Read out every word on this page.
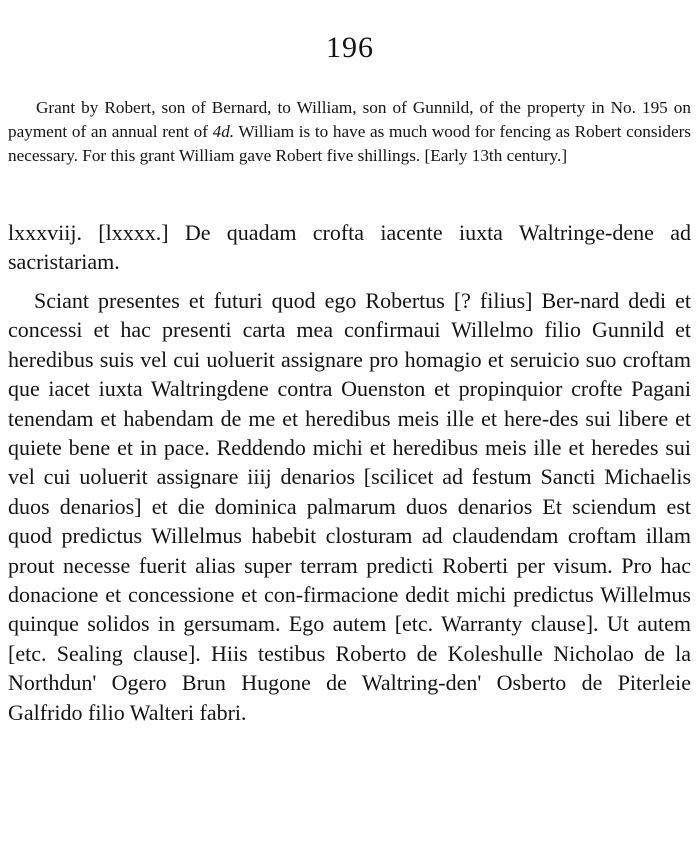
196

Grant by Robert, son of Bernard, to William, son of Gunnild, of the property in No. 195 on payment of an annual rent of 4d. William is to have as much wood for fencing as Robert considers necessary. For this grant William gave Robert five shillings. [Early 13th century.]

lxxxviij. [lxxxx.] De quadam crofta iacente iuxta Waltringe-dene ad sacristariam.

Sciant presentes et futuri quod ego Robertus [? filius] Ber-nard dedi et concessi et hac presenti carta mea confirmaui Willelmo filio Gunnild et heredibus suis vel cui uoluerit assignare pro homagio et seruicio suo croftam que iacet iuxta Waltringdene contra Ouenston et propinquior crofte Pagani tenendam et habendam de me et heredibus meis ille et here-des sui libere et quiete bene et in pace. Reddendo michi et heredibus meis ille et heredes sui vel cui uoluerit assignare iiij denarios [scilicet ad festum Sancti Michaelis duos denarios] et die dominica palmarum duos denarios Et sciendum est quod predictus Willelmus habebit closturam ad claudendam croftam illam prout necesse fuerit alias super terram predicti Roberti per visum. Pro hac donacione et concessione et con-firmacione dedit michi predictus Willelmus quinque solidos in gersumam. Ego autem [etc. Warranty clause]. Ut autem [etc. Sealing clause]. Hiis testibus Roberto de Koleshulle Nicholao de la Northdun' Ogero Brun Hugone de Waltring-den' Osberto de Piterleie Galfrido filio Walteri fabri.
